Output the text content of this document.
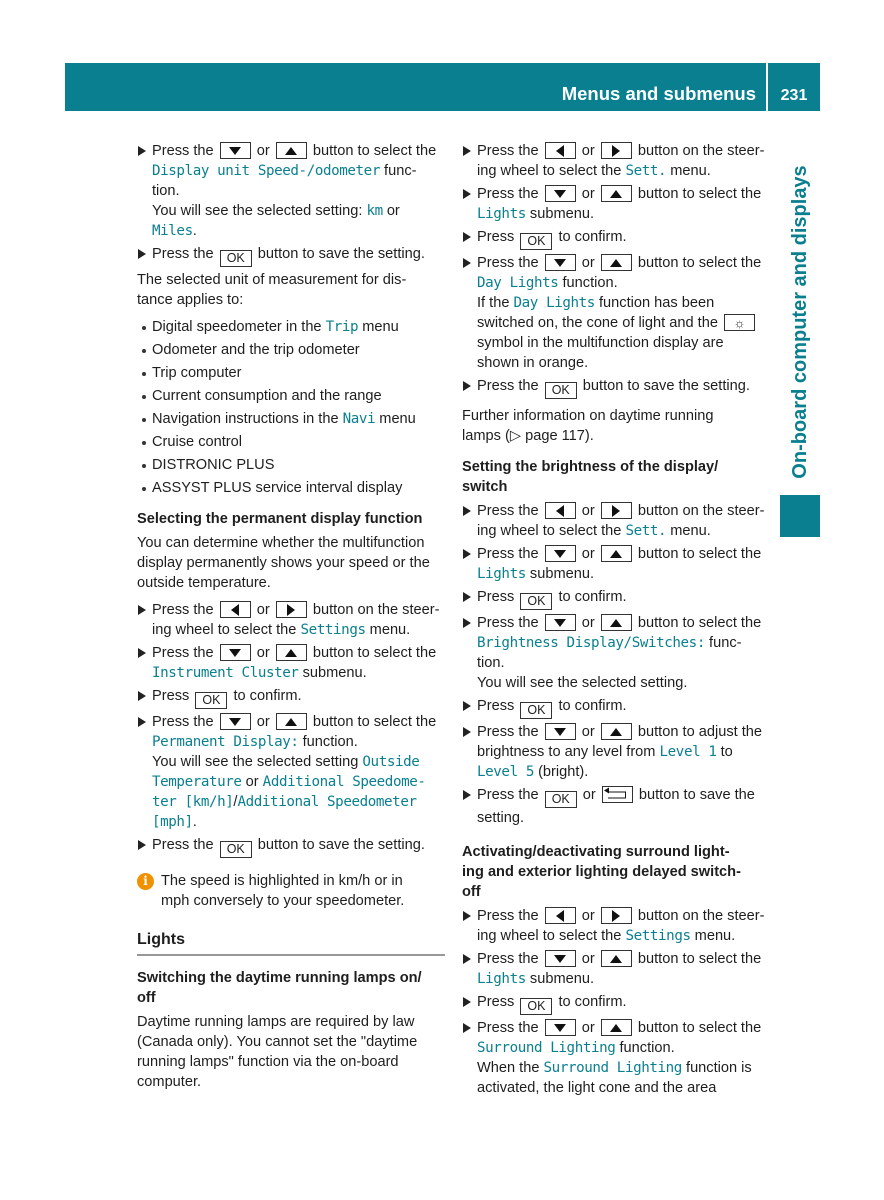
Menus and submenus	231
On-board computer and displays
Press the	or	button to select the
Display unit Speed-/odometer func-
tion.
You will see the selected setting: km or
Miles.
Press the OK button to save the setting.
The selected unit of measurement for dis-
tance applies to:
Digital speedometer in the Trip menu
Odometer and the trip odometer
Trip computer
Current consumption and the range
Navigation instructions in the Navi menu
Cruise control
DISTRONIC PLUS
ASSYST PLUS service interval display
Selecting the permanent display function
You can determine whether the multifunction
display permanently shows your speed or the
outside temperature.
Press the	or	button on the steer-
ing wheel to select the Settings menu.
Press the	or	button to select the
Instrument Cluster submenu.
Press OK to confirm.
Press the	or	button to select the
Permanent Display: function.
You will see the selected setting Outside
Temperature or Additional Speedome-
ter [km/h]/Additional Speedometer
[mph].
Press the OK button to save the setting.
i The speed is highlighted in km/h or in
mph conversely to your speedometer.
Lights
Switching the daytime running lamps on/
off
Daytime running lamps are required by law
(Canada only). You cannot set the "daytime
running lamps" function via the on-board
computer.
Press the	or	button on the steer-
ing wheel to select the Sett. menu.
Press the	or	button to select the
Lights submenu.
Press OK to confirm.
Press the	or	button to select the
Day Lights function.
If the Day Lights function has been
switched on, the cone of light and the ☼
symbol in the multifunction display are
shown in orange.
Press the OK button to save the setting.
Further information on daytime running
lamps (▷ page 117).
Setting the brightness of the display/
switch
Press the	or	button on the steer-
ing wheel to select the Sett. menu.
Press the	or	button to select the
Lights submenu.
Press OK to confirm.
Press the	or	button to select the
Brightness Display/Switches: func-
tion.
You will see the selected setting.
Press OK to confirm.
Press the	or	button to adjust the
brightness to any level from Level 1 to
Level 5 (bright).
Press the OK or	button to save the
setting.
Activating/deactivating surround light-
ing and exterior lighting delayed switch-
off
Press the	or	button on the steer-
ing wheel to select the Settings menu.
Press the	or	button to select the
Lights submenu.
Press OK to confirm.
Press the	or	button to select the
Surround Lighting function.
When the Surround Lighting function is
activated, the light cone and the area
